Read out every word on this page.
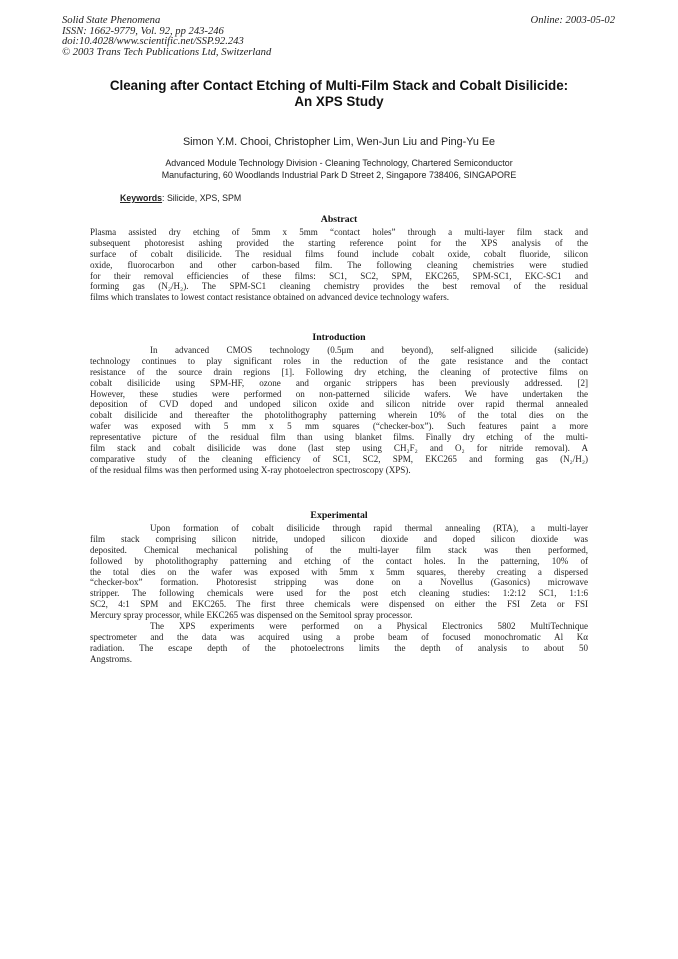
Solid State Phenomena
ISSN: 1662-9779, Vol. 92, pp 243-246
doi:10.4028/www.scientific.net/SSP.92.243
© 2003 Trans Tech Publications Ltd, Switzerland
Online: 2003-05-02
Cleaning after Contact Etching of Multi-Film Stack and Cobalt Disilicide:
An XPS Study
Simon Y.M. Chooi, Christopher Lim, Wen-Jun Liu and Ping-Yu Ee
Advanced Module Technology Division - Cleaning Technology, Chartered Semiconductor
Manufacturing, 60 Woodlands Industrial Park D Street 2, Singapore 738406, SINGAPORE
Keywords: Silicide, XPS, SPM
Abstract
Plasma assisted dry etching of 5mm x 5mm “contact holes” through a multi-layer film stack and
subsequent photoresist ashing provided the starting reference point for the XPS analysis of the
surface of cobalt disilicide. The residual films found include cobalt oxide, cobalt fluoride, silicon
oxide, fluorocarbon and other carbon-based film. The following cleaning chemistries were studied
for their removal efficiencies of these films: SC1, SC2, SPM, EKC265, SPM-SC1, EKC-SC1 and
forming gas (N₂/H₂). The SPM-SC1 cleaning chemistry provides the best removal of the residual
films which translates to lowest contact resistance obtained on advanced device technology wafers.
Introduction
In advanced CMOS technology (0.5μm and beyond), self-aligned silicide (salicide)
technology continues to play significant roles in the reduction of the gate resistance and the contact
resistance of the source drain regions [1]. Following dry etching, the cleaning of protective films on
cobalt disilicide using SPM-HF, ozone and organic strippers has been previously addressed. [2]
However, these studies were performed on non-patterned silicide wafers. We have undertaken the
deposition of CVD doped and undoped silicon oxide and silicon nitride over rapid thermal annealed
cobalt disilicide and thereafter the photolithography patterning wherein 10% of the total dies on the
wafer was exposed with 5 mm x 5 mm squares (“checker-box”). Such features paint a more
representative picture of the residual film than using blanket films. Finally dry etching of the multi-
film stack and cobalt disilicide was done (last step using CH₂F₂ and O₂ for nitride removal). A
comparative study of the cleaning efficiency of SC1, SC2, SPM, EKC265 and forming gas (N₂/H₂)
of the residual films was then performed using X-ray photoelectron spectroscopy (XPS).
Experimental
Upon formation of cobalt disilicide through rapid thermal annealing (RTA), a multi-layer
film stack comprising silicon nitride, undoped silicon dioxide and doped silicon dioxide was
deposited. Chemical mechanical polishing of the multi-layer film stack was then performed,
followed by photolithography patterning and etching of the contact holes. In the patterning, 10% of
the total dies on the wafer was exposed with 5mm x 5mm squares, thereby creating a dispersed
“checker-box” formation. Photoresist stripping was done on a Novellus (Gasonics) microwave
stripper. The following chemicals were used for the post etch cleaning studies: 1:2:12 SC1, 1:1:6
SC2, 4:1 SPM and EKC265. The first three chemicals were dispensed on either the FSI Zeta or FSI
Mercury spray processor, while EKC265 was dispensed on the Semitool spray processor.
The XPS experiments were performed on a Physical Electronics 5802 MultiTechnique
spectrometer and the data was acquired using a probe beam of focused monochromatic Al Kα
radiation. The escape depth of the photoelectrons limits the depth of analysis to about 50
Angstroms.
